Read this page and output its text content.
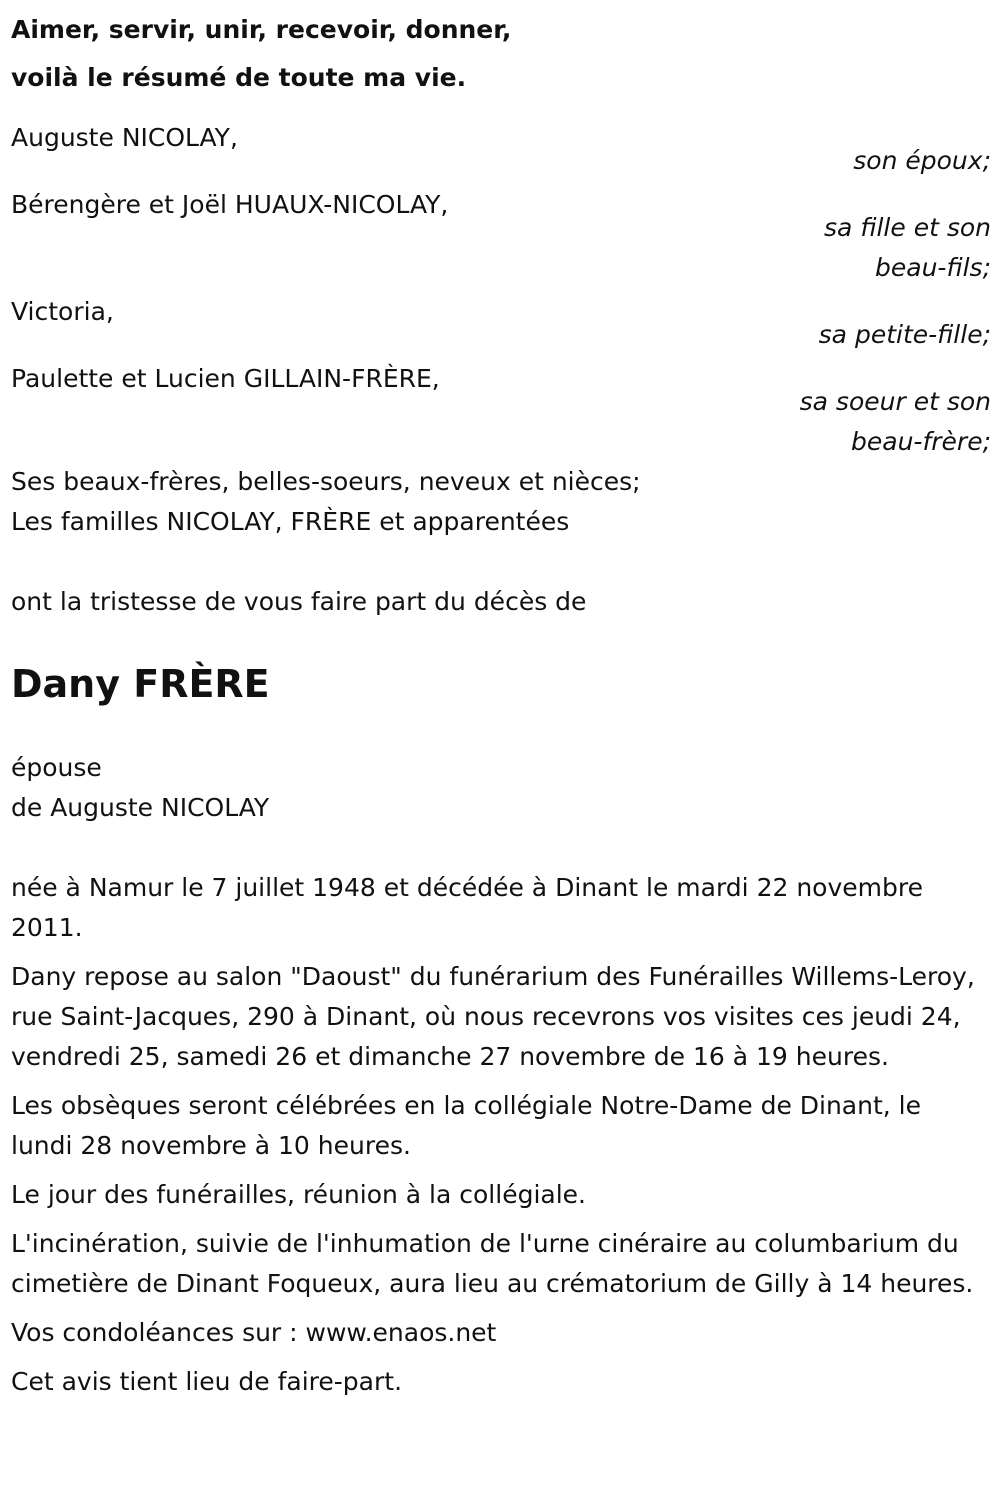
Aimer, servir, unir, recevoir, donner,
voilà le résumé de toute ma vie.
Auguste NICOLAY,
son époux;
Bérengère et Joël HUAUX-NICOLAY,
sa fille et son beau-fils;
Victoria,
sa petite-fille;
Paulette et Lucien GILLAIN-FRÈRE,
sa soeur et son beau-frère;
Ses beaux-frères, belles-soeurs, neveux et nièces;
Les familles NICOLAY, FRÈRE et apparentées
ont la tristesse de vous faire part du décès de
Dany FRÈRE
épouse
de Auguste NICOLAY
née à Namur le 7 juillet 1948 et décédée à Dinant le mardi 22 novembre 2011.
Dany repose au salon "Daoust" du funérarium des Funérailles Willems-Leroy, rue Saint-Jacques, 290 à Dinant, où nous recevrons vos visites ces jeudi 24, vendredi 25, samedi 26 et dimanche 27 novembre de 16 à 19 heures.
Les obsèques seront célébrées en la collégiale Notre-Dame de Dinant, le lundi 28 novembre à 10 heures.
Le jour des funérailles, réunion à la collégiale.
L'incinération, suivie de l'inhumation de l'urne cinéraire au columbarium du cimetière de Dinant Foqueux, aura lieu au crématorium de Gilly à 14 heures.
Vos condoléances sur : www.enaos.net
Cet avis tient lieu de faire-part.
